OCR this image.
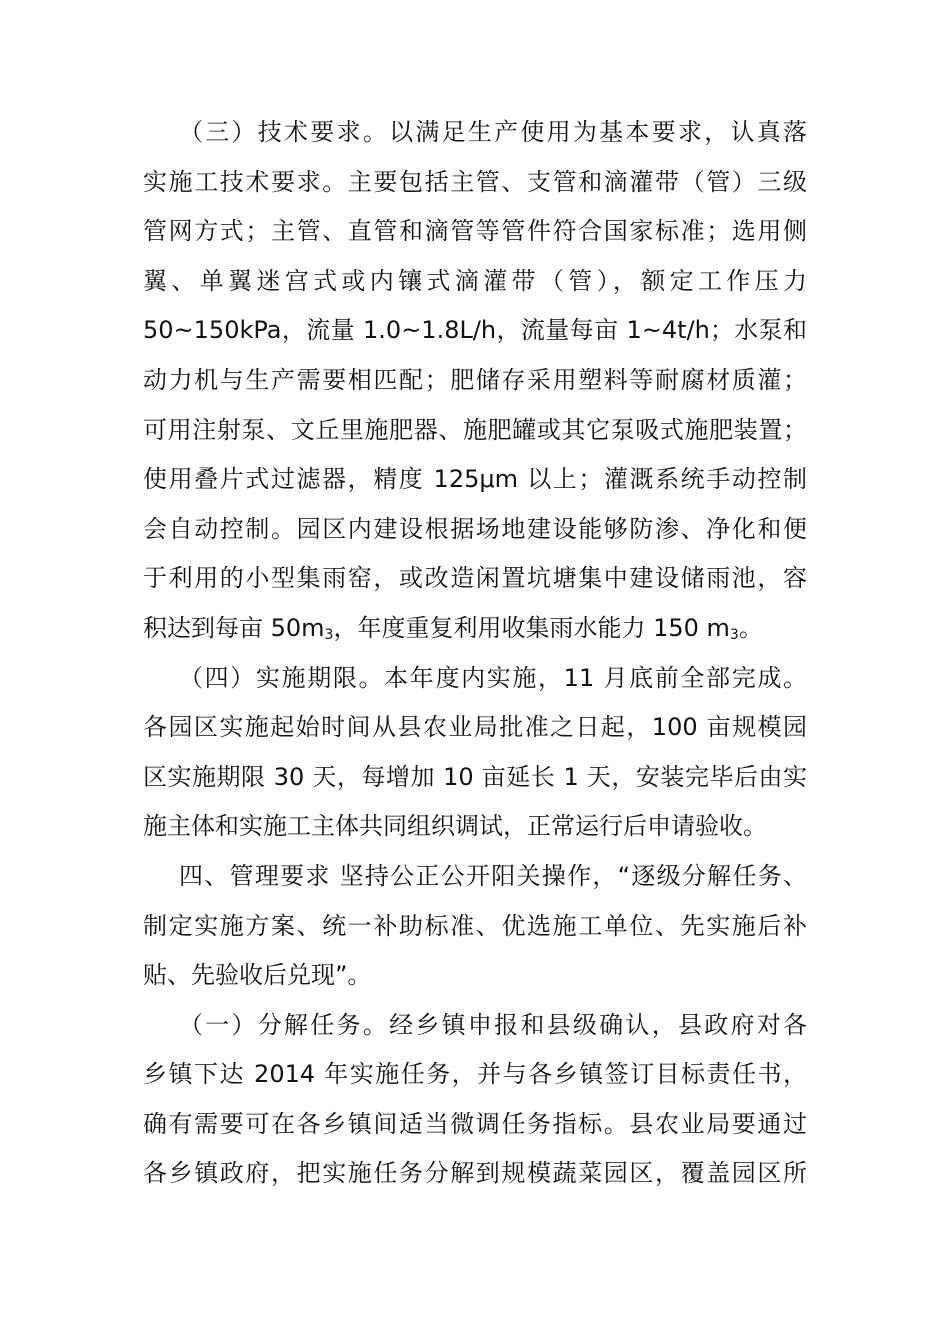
（三）技术要求。以满足生产使用为基本要求，认真落
实施工技术要求。主要包括主管、支管和滴灌带（管）三级
管网方式；主管、直管和滴管等管件符合国家标准；选用侧
翼、单翼迷宫式或内镶式滴灌带（管），额定工作压力
50~150kPa，流量 1.0~1.8L/h，流量每亩 1~4t/h；水泵和
动力机与生产需要相匹配；肥储存采用塑料等耐腐材质灌；
可用注射泵、文丘里施肥器、施肥罐或其它泵吸式施肥装置；
使用叠片式过滤器，精度 125μm 以上；灌溉系统手动控制
会自动控制。园区内建设根据场地建设能够防渗、净化和便
于利用的小型集雨窑，或改造闲置坑塘集中建设储雨池，容
积达到每亩 $50m_3$，年度重复利用收集雨水能力 150 $m_3$。
（四）实施期限。本年度内实施，11 月底前全部完成。
各园区实施起始时间从县农业局批准之日起，100 亩规模园
区实施期限 30 天，每增加 10 亩延长 1 天，安装完毕后由实
施主体和实施工主体共同组织调试，正常运行后申请验收。
四、管理要求 坚持公正公开阳关操作，“逐级分解任务、
制定实施方案、统一补助标准、优选施工单位、先实施后补
贴、先验收后兑现”。
（一）分解任务。经乡镇申报和县级确认，县政府对各
乡镇下达 2014 年实施任务，并与各乡镇签订目标责任书，
确有需要可在各乡镇间适当微调任务指标。县农业局要通过
各乡镇政府，把实施任务分解到规模蔬菜园区，覆盖园区所
